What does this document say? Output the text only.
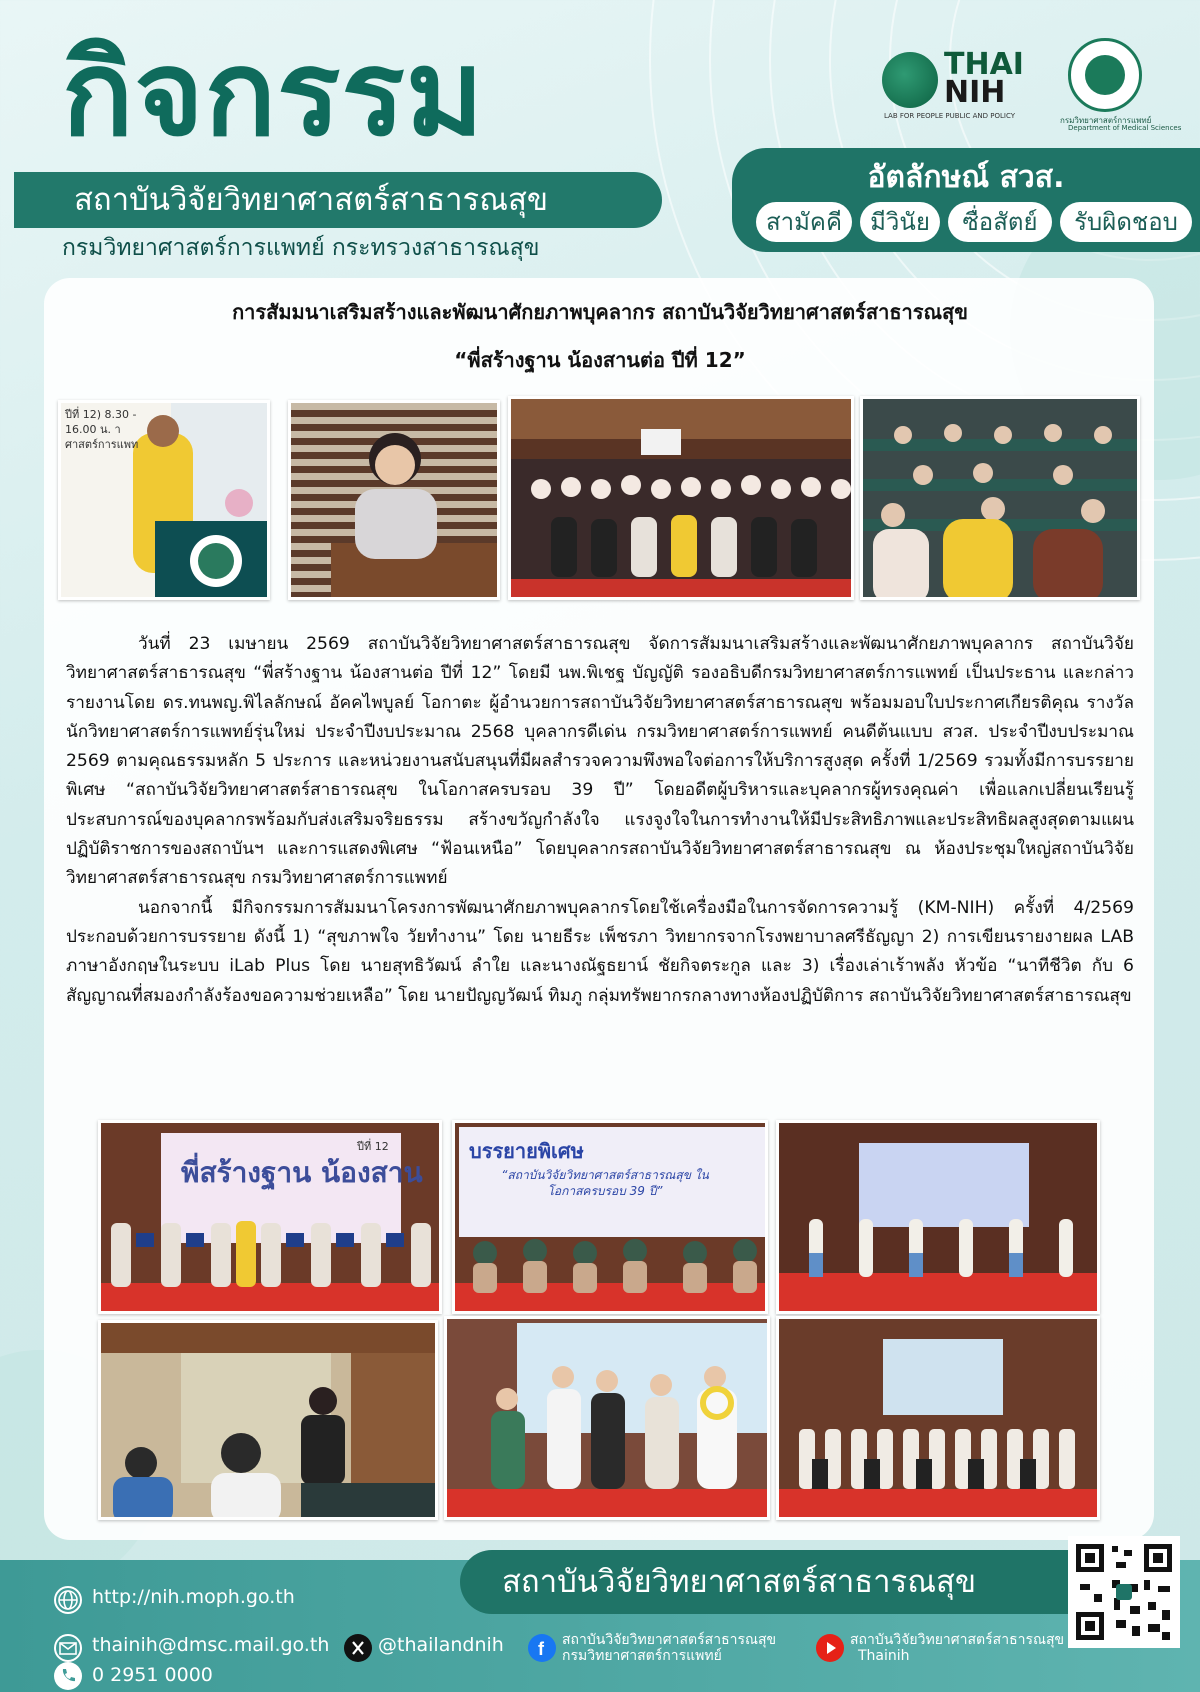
กิจกรรม
สถาบันวิจัยวิทยาศาสตร์สาธารณสุข
กรมวิทยาศาสตร์การแพทย์ กระทรวงสาธารณสุข
THAI
NIH
LAB FOR PEOPLE PUBLIC AND POLICY	กรมวิทยาศาสตร์การแพทย์
Department of Medical Sciences
อัตลักษณ์ สวส.
สามัคคี	มีวินัย	ซื่อสัตย์	รับผิดชอบ
การสัมมนาเสริมสร้างและพัฒนาศักยภาพบุคลากร สถาบันวิจัยวิทยาศาสตร์สาธารณสุข
“พี่สร้างฐาน น้องสานต่อ ปีที่ 12”
ปีที่ 12) 8.30 - 16.00 น. าศาสตร์การแพท

วันที่ 23 เมษายน 2569 สถาบันวิจัยวิทยาศาสตร์สาธารณสุข จัดการสัมมนาเสริมสร้างและพัฒนาศักยภาพบุคลากร สถาบันวิจัยวิทยาศาสตร์สาธารณสุข “พี่สร้างฐาน น้องสานต่อ ปีที่ 12” โดยมี นพ.พิเชฐ บัญญัติ รองอธิบดีกรมวิทยาศาสตร์การแพทย์ เป็นประธาน และกล่าวรายงานโดย ดร.ทนพญ.พิไลลักษณ์ อัคคไพบูลย์ โอกาตะ ผู้อำนวยการสถาบันวิจัยวิทยาศาสตร์สาธารณสุข พร้อมมอบใบประกาศเกียรติคุณ รางวัลนักวิทยาศาสตร์การแพทย์รุ่นใหม่ ประจำปีงบประมาณ 2568 บุคลากรดีเด่น กรมวิทยาศาสตร์การแพทย์ คนดีต้นแบบ สวส. ประจำปีงบประมาณ 2569 ตามคุณธรรมหลัก 5 ประการ และหน่วยงานสนับสนุนที่มีผลสำรวจความพึงพอใจต่อการให้บริการสูงสุด ครั้งที่ 1/2569 รวมทั้งมีการบรรยายพิเศษ “สถาบันวิจัยวิทยาศาสตร์สาธารณสุข ในโอกาสครบรอบ 39 ปี” โดยอดีตผู้บริหารและบุคลากรผู้ทรงคุณค่า เพื่อแลกเปลี่ยนเรียนรู้ประสบการณ์ของบุคลากรพร้อมกับส่งเสริมจริยธรรม สร้างขวัญกำลังใจ แรงจูงใจในการทำงานให้มีประสิทธิภาพและประสิทธิผลสูงสุดตามแผนปฏิบัติราชการของสถาบันฯ และการแสดงพิเศษ “ฟ้อนเหนือ” โดยบุคลากรสถาบันวิจัยวิทยาศาสตร์สาธารณสุข ณ ห้องประชุมใหญ่สถาบันวิจัยวิทยาศาสตร์สาธารณสุข กรมวิทยาศาสตร์การแพทย์

นอกจากนี้ มีกิจกรรมการสัมมนาโครงการพัฒนาศักยภาพบุคลากรโดยใช้เครื่องมือในการจัดการความรู้ (KM-NIH) ครั้งที่ 4/2569 ประกอบด้วยการบรรยาย ดังนี้ 1) “สุขภาพใจ วัยทำงาน” โดย นายธีระ เพ็ชรภา วิทยากรจากโรงพยาบาลศรีธัญญา 2) การเขียนรายงายผล LAB ภาษาอังกฤษในระบบ iLab Plus โดย นายสุทธิวัฒน์ ลำใย และนางณัฐธยาน์ ชัยกิจตระกูล และ 3) เรื่องเล่าเร้าพลัง หัวข้อ “นาทีชีวิต กับ 6 สัญญาณที่สมองกำลังร้องขอความช่วยเหลือ” โดย นายปัญญวัฒน์ ทิมภู กลุ่มทรัพยากรกลางทางห้องปฏิบัติการ สถาบันวิจัยวิทยาศาสตร์สาธารณสุข

พี่สร้างฐาน น้องสาน
ปีที่ 12	บรรยายพิเศษ
“สถาบันวิจัยวิทยาศาสตร์สาธารณสุข ในโอกาสครบรอบ 39 ปี”
สถาบันวิจัยวิทยาศาสตร์สาธารณสุข
http://nih.moph.go.th
thainih@dmsc.mail.go.th	@thailandnih f สถาบันวิจัยวิทยาศาสตร์สาธารณสุข
กรมวิทยาศาสตร์การแพทย์
สถาบันวิจัยวิทยาศาสตร์สาธารณสุข
Thainih
0 2951 0000
